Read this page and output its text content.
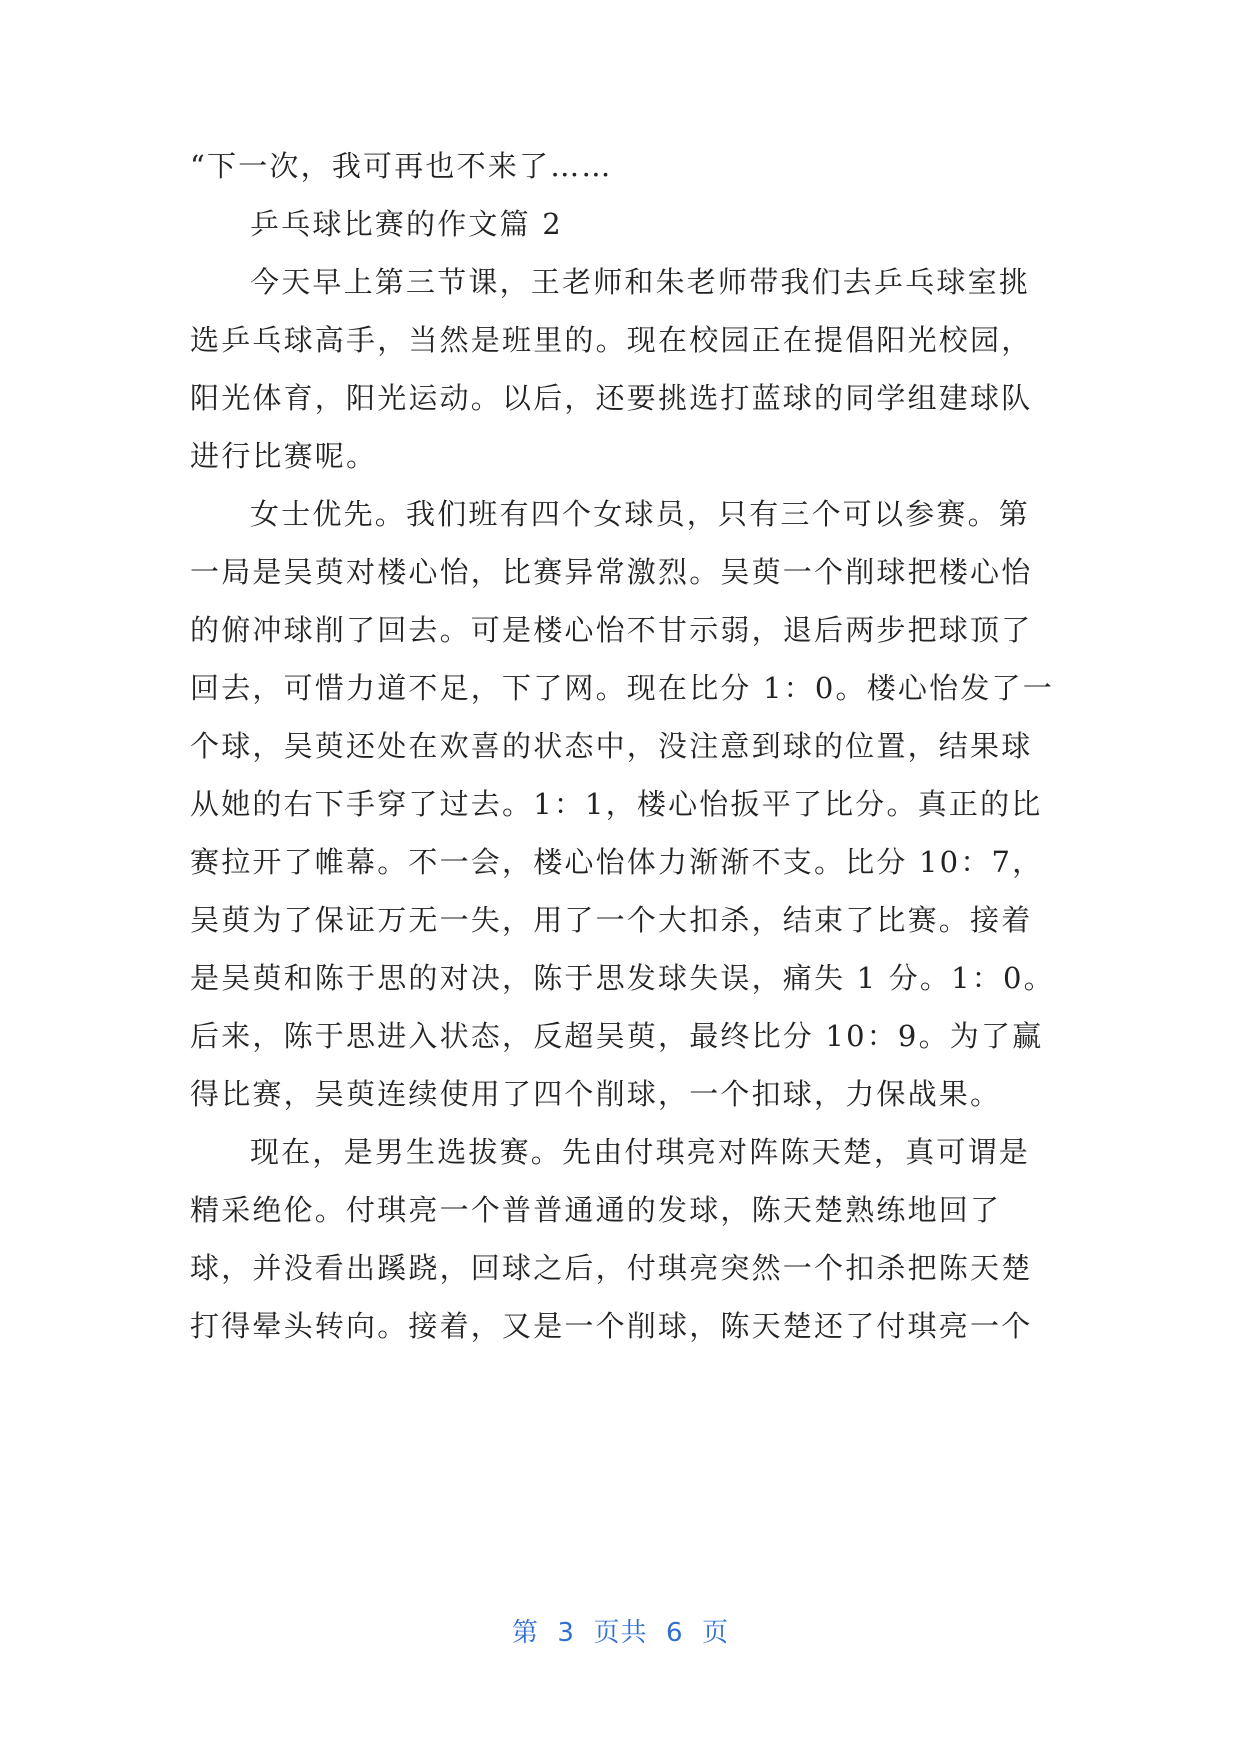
“下一次，我可再也不来了……
乒乓球比赛的作文篇 2
今天早上第三节课，王老师和朱老师带我们去乒乓球室挑
选乒乓球高手，当然是班里的。现在校园正在提倡阳光校园，
阳光体育，阳光运动。以后，还要挑选打蓝球的同学组建球队
进行比赛呢。
女士优先。我们班有四个女球员，只有三个可以参赛。第
一局是吴萸对楼心怡，比赛异常激烈。吴萸一个削球把楼心怡
的俯冲球削了回去。可是楼心怡不甘示弱，退后两步把球顶了
回去，可惜力道不足，下了网。现在比分 1：0。楼心怡发了一
个球，吴萸还处在欢喜的状态中，没注意到球的位置，结果球
从她的右下手穿了过去。1：1，楼心怡扳平了比分。真正的比
赛拉开了帷幕。不一会，楼心怡体力渐渐不支。比分 10：7，
吴萸为了保证万无一失，用了一个大扣杀，结束了比赛。接着
是吴萸和陈于思的对决，陈于思发球失误，痛失 1 分。1：0。
后来，陈于思进入状态，反超吴萸，最终比分 10：9。为了赢
得比赛，吴萸连续使用了四个削球，一个扣球，力保战果。
现在，是男生选拔赛。先由付琪亮对阵陈天楚，真可谓是
精采绝伦。付琪亮一个普普通通的发球，陈天楚熟练地回了
球，并没看出蹊跷，回球之后，付琪亮突然一个扣杀把陈天楚
打得晕头转向。接着，又是一个削球，陈天楚还了付琪亮一个
第  3  页共  6  页
